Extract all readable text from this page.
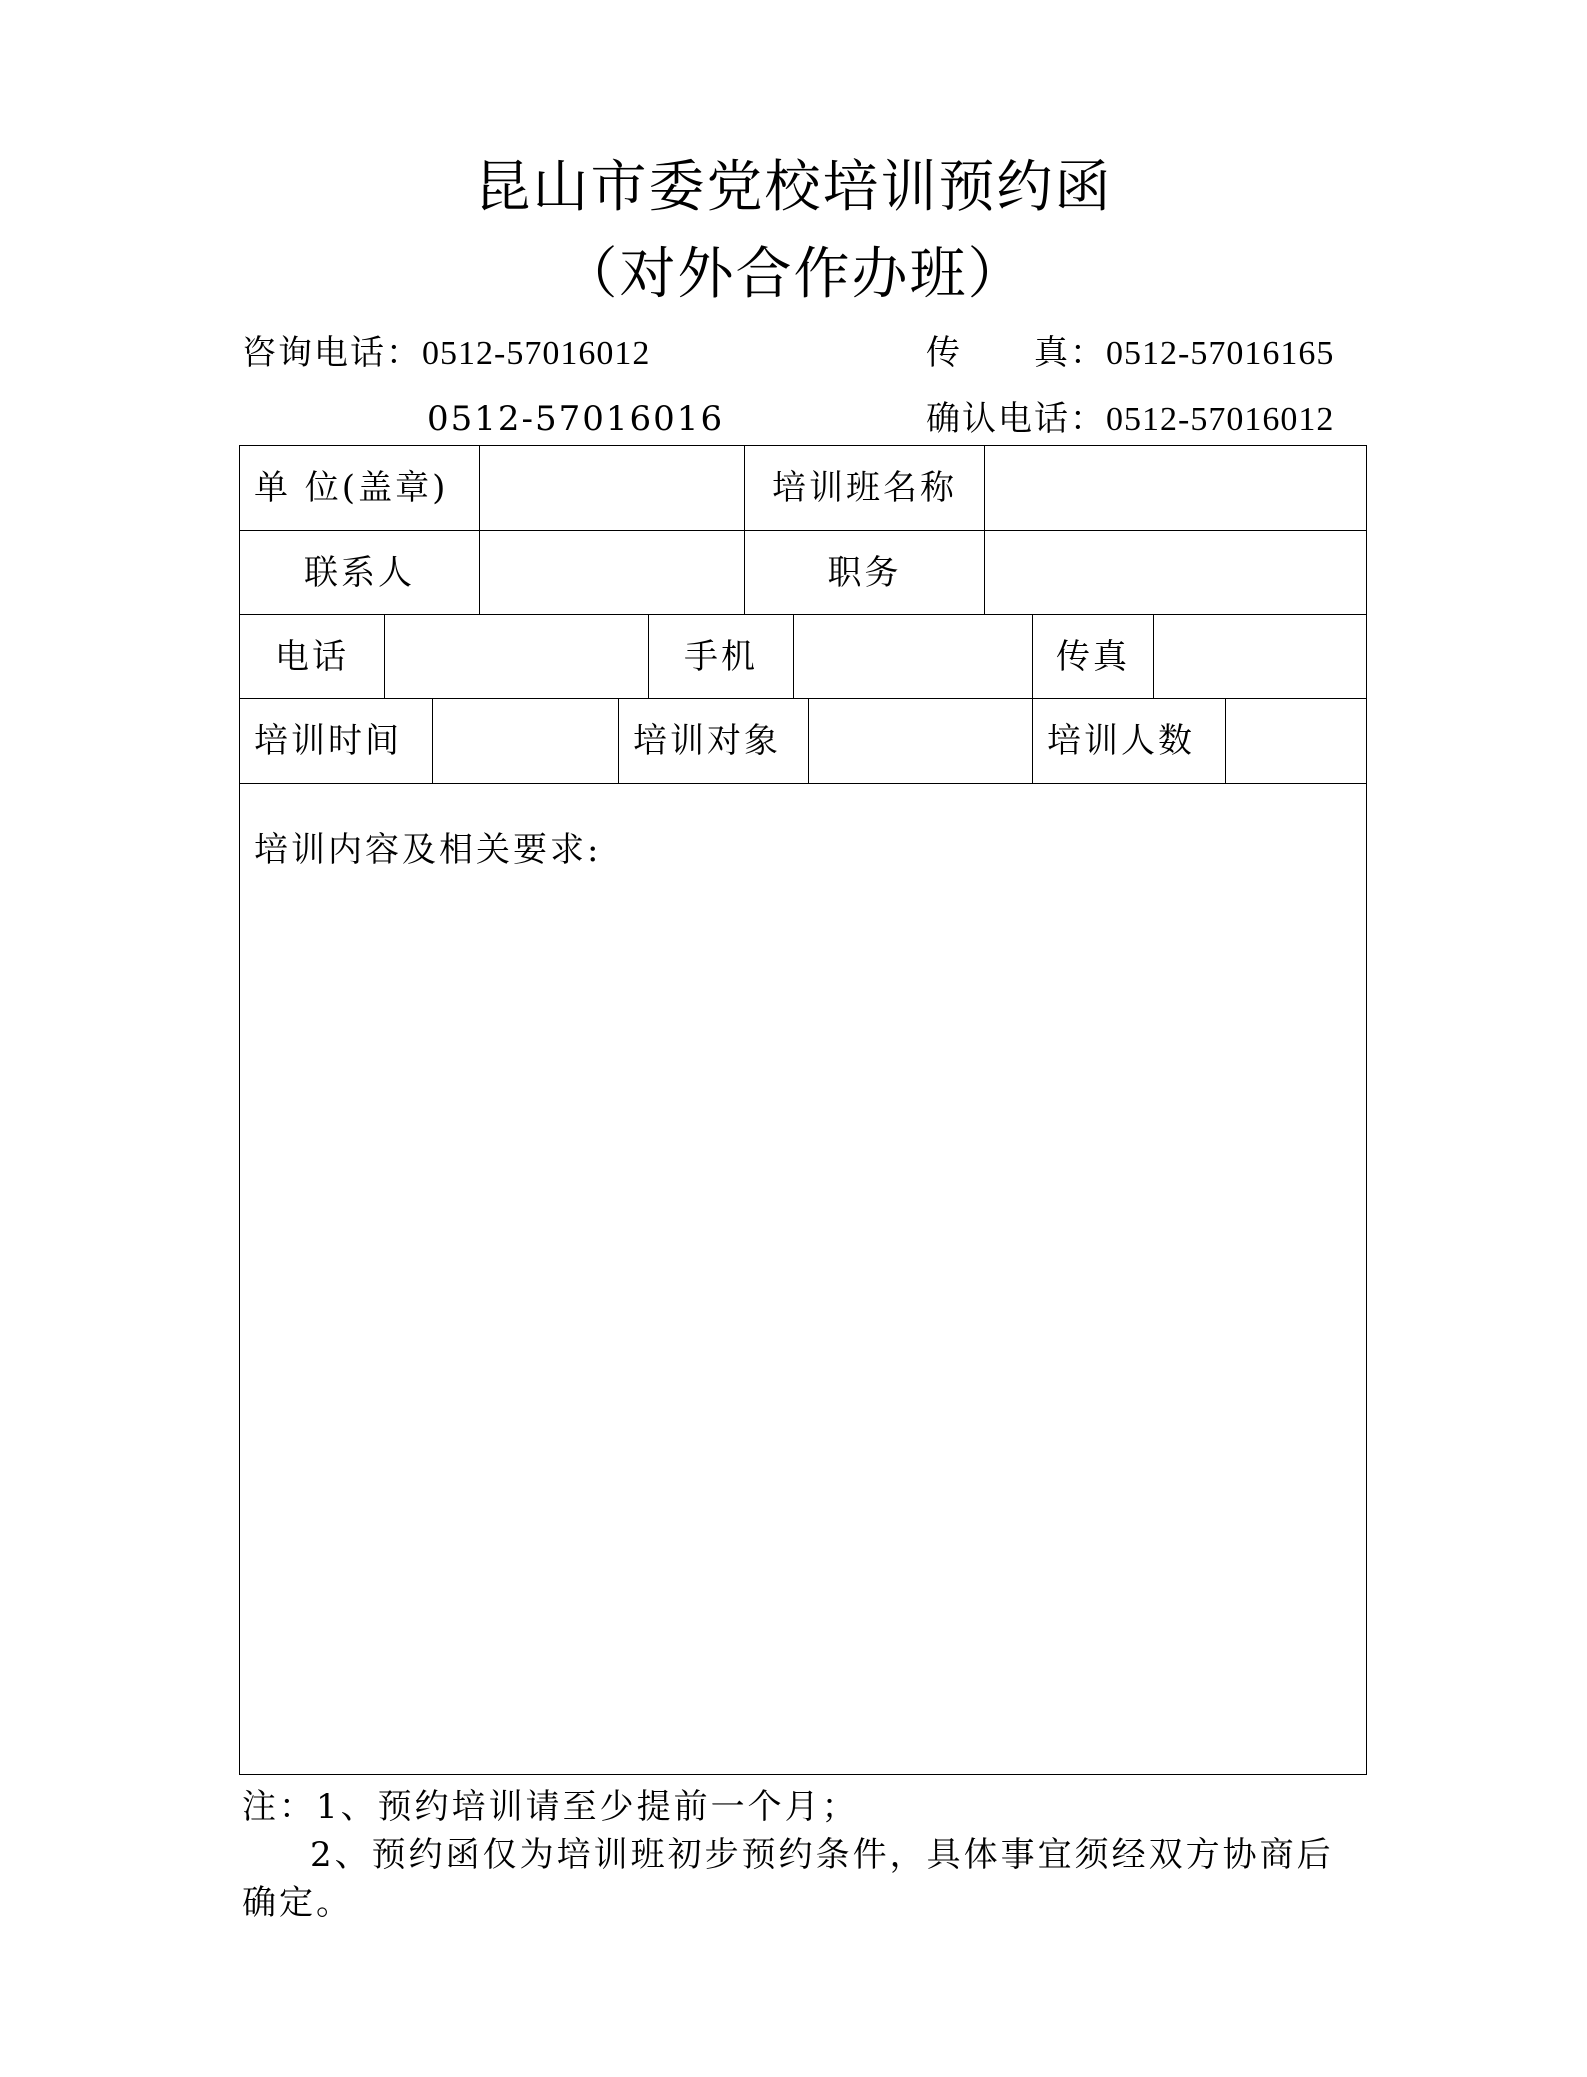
昆山市委党校培训预约函
（对外合作办班）
咨询电话：0512-57016012	传　　真：0512-57016165
0512-57016016	确认电话：0512-57016012
单 位(盖章)	培训班名称
联系人	职务
电话	手机	传真
培训时间	培训对象	培训人数
培训内容及相关要求:
注：1、预约培训请至少提前一个月；
2、预约函仅为培训班初步预约条件，具体事宜须经双方协商后
确定。
